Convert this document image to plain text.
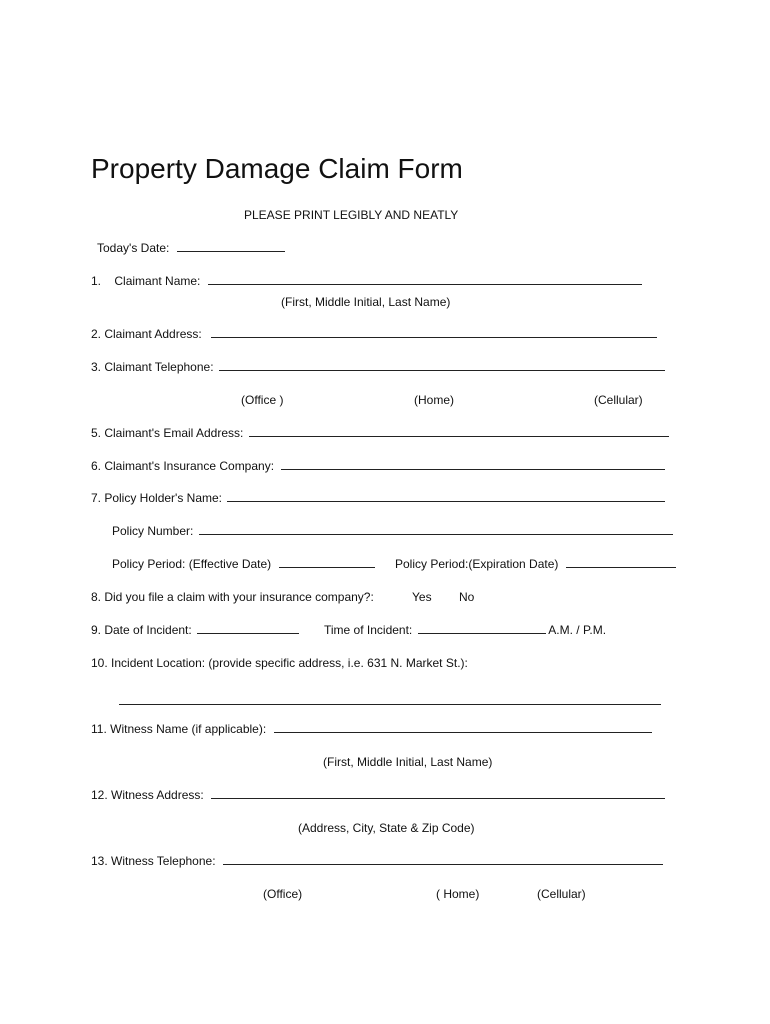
Property Damage Claim Form
PLEASE PRINT LEGIBLY AND NEATLY
Today's Date:
1. Claimant Name:
(First, Middle Initial, Last Name)
2. Claimant Address:
3. Claimant Telephone:
(Office )	(Home)	(Cellular)
5. Claimant's Email Address:
6. Claimant's Insurance Company:
7. Policy Holder's Name:
Policy Number:
Policy Period: (Effective Date)	Policy Period:(Expiration Date)
8. Did you file a claim with your insurance company?:	Yes No
9. Date of Incident:	Time of Incident:	A.M. / P.M.
10. Incident Location: (provide specific address, i.e. 631 N. Market St.):
11. Witness Name (if applicable):
(First, Middle Initial, Last Name)
12. Witness Address:
(Address, City, State & Zip Code)
13. Witness Telephone:
(Office)	( Home)	(Cellular)
